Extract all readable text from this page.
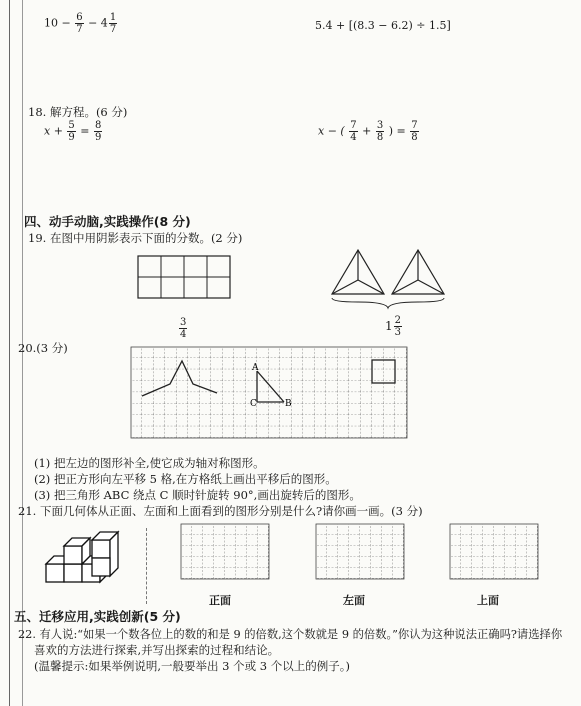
$10 - \frac{6}{7} - 4 \frac{1}{7}$	5.4 + [(8.3 − 6.2) ÷ 1.5]
18. 解方程。(6 分)
$x + \frac{5}{9} = \frac{8}{9}$	x − ( $\frac{7}{4} + \frac{3}{8}$ ) = $\frac{7}{8}$
四、动手动脑,实践操作(8 分)
19. 在图中用阴影表示下面的分数。(2 分)
$\frac{3}{4}$	$1 \frac{2}{3}$
20.(3 分)
A
C	B
(1) 把左边的图形补全,使它成为轴对称图形。
(2) 把正方形向左平移 5 格,在方格纸上画出平移后的图形。
(3) 把三角形 ABC 绕点 C 顺时针旋转 90°,画出旋转后的图形。
21. 下面几何体从正面、左面和上面看到的图形分别是什么?请你画一画。(3 分)
正面	左面	上面
五、迁移应用,实践创新(5 分)
22. 有人说:“如果一个数各位上的数的和是 9 的倍数,这个数就是 9 的倍数。”你认为这种说法正确吗?请选择你
喜欢的方法进行探索,并写出探索的过程和结论。
(温馨提示:如果举例说明,一般要举出 3 个或 3 个以上的例子。)
